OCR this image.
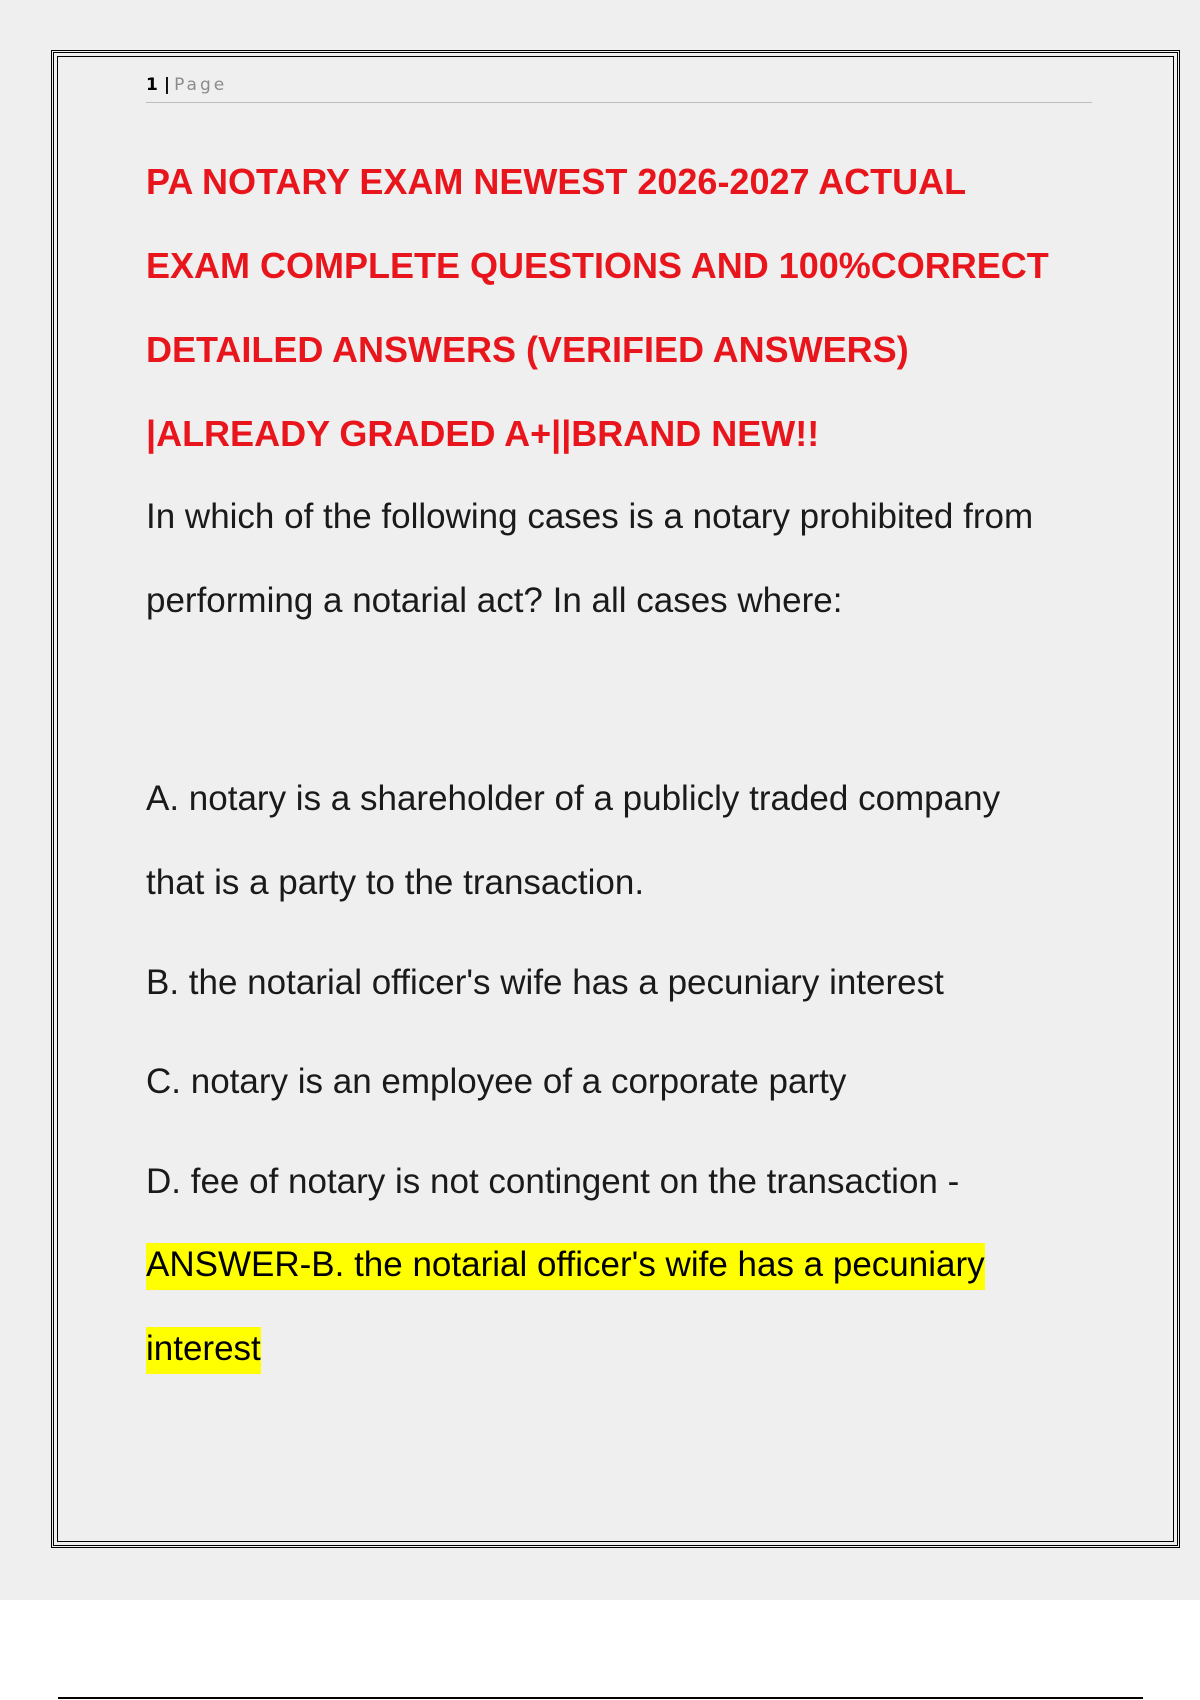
1 | Page
PA NOTARY EXAM NEWEST 2026-2027 ACTUAL
EXAM COMPLETE QUESTIONS AND 100%CORRECT
DETAILED ANSWERS (VERIFIED ANSWERS)
|ALREADY GRADED A+||BRAND NEW!!

In which of the following cases is a notary prohibited from
performing a notarial act? In all cases where:

A. notary is a shareholder of a publicly traded company
that is a party to the transaction.

B. the notarial officer's wife has a pecuniary interest

C. notary is an employee of a corporate party

D. fee of notary is not contingent on the transaction -

ANSWER-B. the notarial officer's wife has a pecuniary interest
